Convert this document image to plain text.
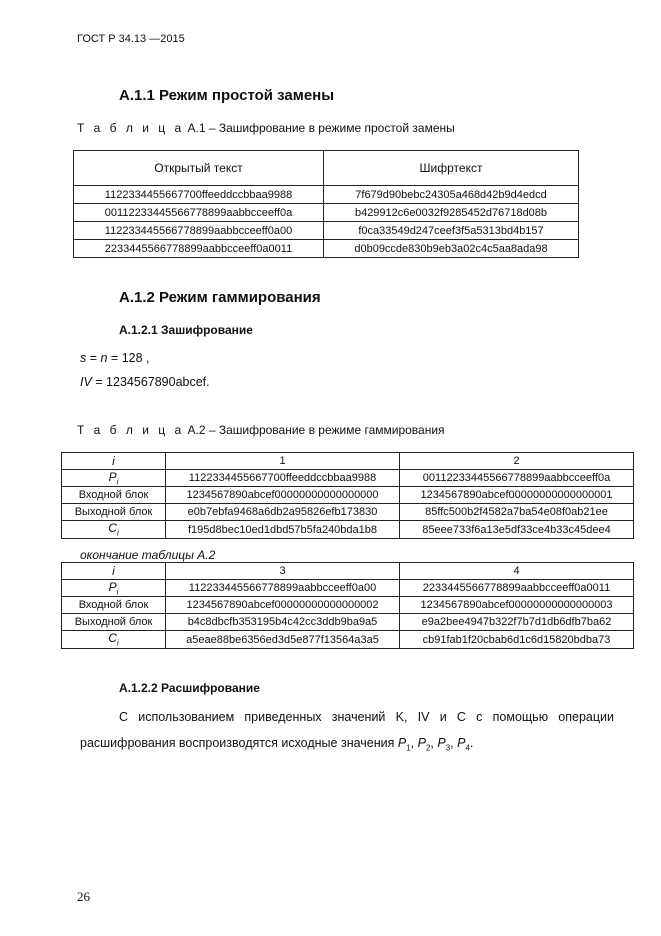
ГОСТ Р 34.13 —2015
А.1.1 Режим простой замены
Т а б л и ц а А.1 – Зашифрование в режиме простой замены
Открытый текст	Шифртекст
1122334455667700ffeeddccbbaa9988	7f679d90bebc24305a468d42b9d4edcd
00112233445566778899aabbcceeff0a	b429912c6e0032f9285452d76718d08b
112233445566778899aabbcceeff0a00	f0ca33549d247ceef3f5a5313bd4b157
2233445566778899aabbcceeff0a0011	d0b09ccde830b9eb3a02c4c5aa8ada98
А.1.2 Режим гаммирования
А.1.2.1 Зашифрование
s = n = 128 ,
IV = 1234567890abcef.
Т а б л и ц а А.2 – Зашифрование в режиме гаммирования
i	1	2
$P_i$	1122334455667700ffeeddccbbaa9988	00112233445566778899aabbcceeff0a
Входной блок	1234567890abcef00000000000000000	1234567890abcef00000000000000001
Выходной блок	e0b7ebfa9468a6db2a95826efb173830	85ffc500b2f4582a7ba54e08f0ab21ee
$C_i$	f195d8bec10ed1dbd57b5fa240bda1b8	85eee733f6a13e5df33ce4b33c45dee4
окончание таблицы А.2
i	3	4
$P_i$	112233445566778899aabbcceeff0a00	2233445566778899aabbcceeff0a0011
Входной блок	1234567890abcef00000000000000002	1234567890abcef00000000000000003
Выходной блок	b4c8dbcfb353195b4c42cc3ddb9ba9a5	e9a2bee4947b322f7b7d1db6dfb7ba62
$C_i$	a5eae88be6356ed3d5e877f13564a3a5	cb91fab1f20cbab6d1c6d15820bdba73
А.1.2.2 Расшифрование
С использованием приведенных значений K, IV и C с помощью операции
расшифрования воспроизводятся исходные значения $P_1$, $P_2$, $P_3$, $P_4$.
26
